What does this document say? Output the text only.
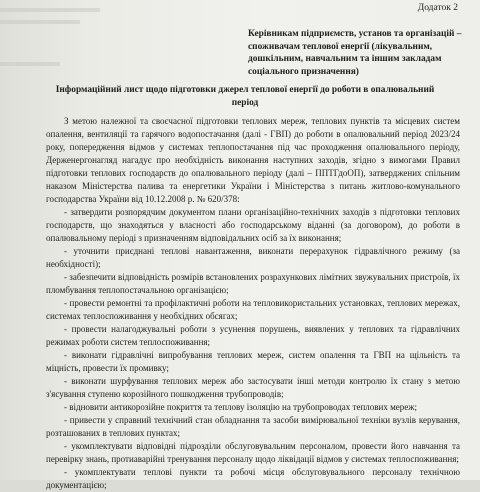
Додаток 2
Керівникам підприємств, установ та організацій – споживачам теплової енергії (лікувальним, дошкільним, навчальним та іншим закладам соціального призначення)
Інформаційний лист щодо підготовки джерел теплової енергії до роботи в опалювальний період

З метою належної та своєчасної підготовки теплових мереж, теплових пунктів та місцевих систем опалення, вентиляції та гарячого водопостачання (далі - ГВП) до роботи в опалювальний період 2023/24 року, попередження відмов у системах теплопостачання під час проходження опалювального періоду, Держенергонагляд нагадує про необхідність виконання наступних заходів, згідно з вимогами Правил підготовки теплових господарств до опалювального періоду (далі – ППТГдоОП), затверджених спільним наказом Міністерства палива та енергетики України і Міністерства з питань житлово-комунального господарства України від 10.12.2008 р. № 620/378:

- затвердити розпорядчим документом плани організаційно-технічних заходів з підготовки теплових господарств, що знаходяться у власності або господарському віданні (за договором), до роботи в опалювальному періоді з призначенням відповідальних осіб за їх виконання;
- уточнити приєднані теплові навантаження, виконати перерахунок гідравлічного режиму (за необхідності);
- забезпечити відповідність розмірів встановлених розрахункових лімітних звужувальних пристроїв, їх пломбування теплопостачальною організацією;
- провести ремонтні та профілактичні роботи на тепловикористальних установках, теплових мережах, системах теплоспоживання у необхідних обсягах;
- провести налагоджувальні роботи з усунення порушень, виявлених у теплових та гідравлічних режимах роботи систем теплоспоживання;
- виконати гідравлічні випробування теплових мереж, систем опалення та ГВП на щільність та міцність, провести їх промивку;
- виконати шурфування теплових мереж або застосувати інші методи контролю їх стану з метою з'ясування ступеню корозійного пошкодження трубопроводів;
- відновити антикорозійне покриття та теплову ізоляцію на трубопроводах теплових мереж;
- привести у справний технічний стан обладнання та засоби вимірювальної техніки вузлів керування, розташованих в теплових пунктах;
- укомплектувати відповідні підрозділи обслуговувальним персоналом, провести його навчання та перевірку знань, протиаварійні тренування персоналу щодо ліквідації відмов у системах теплоспоживання;
- укомплектувати теплові пункти та робочі місця обслуговувального персоналу технічною документацією;
